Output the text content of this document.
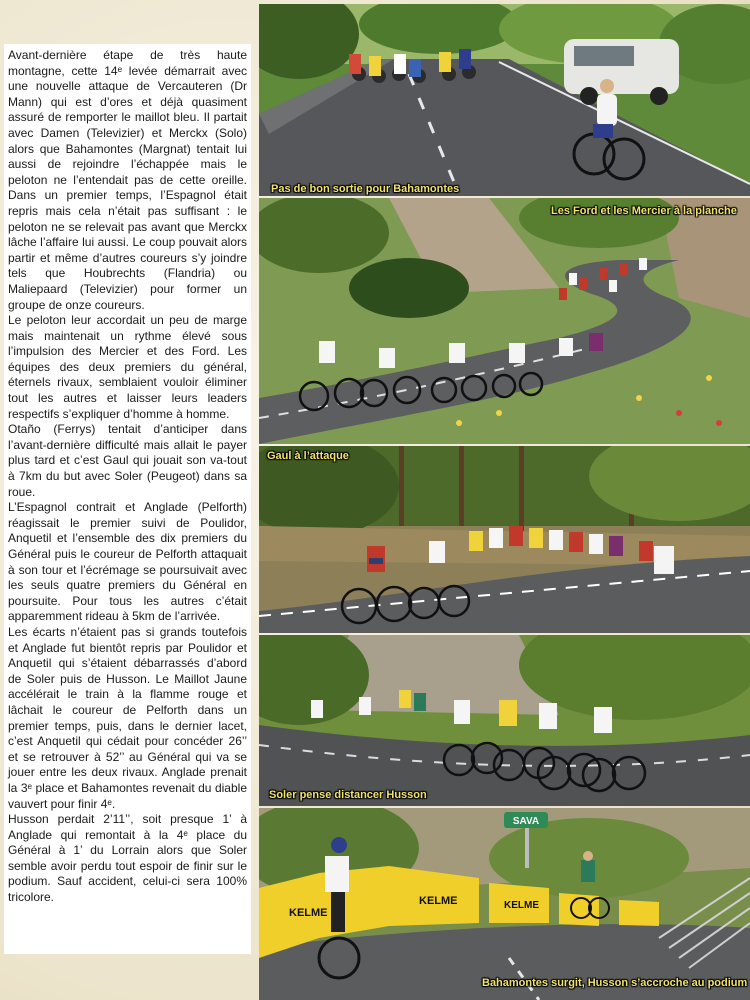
Avant-dernière étape de très haute montagne, cette 14ᵉ levée démarrait avec une nouvelle attaque de Vercauteren (Dr Mann) qui est d’ores et déjà quasiment assuré de remporter le maillot bleu. Il partait avec Damen (Televizier) et Merckx (Solo) alors que Bahamontes (Margnat) tentait lui aussi de rejoindre l’échappée mais le peloton ne l’entendait pas de cette oreille. Dans un premier temps, l’Espagnol était repris mais cela n’était pas suffisant : le peloton ne se relevait pas avant que Merckx lâche l’affaire lui aussi. Le coup pouvait alors partir et même d’autres coureurs s’y joindre tels que Houbrechts (Flandria) ou Maliepaard (Televizier) pour former un groupe de onze coureurs.

Le peloton leur accordait un peu de marge mais maintenait un rythme élevé sous l’impulsion des Mercier et des Ford. Les équipes des deux premiers du général, éternels rivaux, semblaient vouloir éliminer tout les autres et laisser leurs leaders respectifs s’expliquer d’homme à homme.

Otaño (Ferrys) tentait d’anticiper dans l’avant-dernière difficulté mais allait le payer plus tard et c’est Gaul qui jouait son va-tout à 7km du but avec Soler (Peugeot) dans sa roue.

L’Espagnol contrait et Anglade (Pelforth) réagissait le premier suivi de Poulidor, Anquetil et l’ensemble des dix premiers du Général puis le coureur de Pelforth attaquait à son tour et l’écrémage se poursuivait avec les seuls quatre premiers du Général en poursuite. Pour tous les autres c’était apparemment rideau à 5km de l’arrivée.

Les écarts n’étaient pas si grands toutefois et Anglade fut bientôt repris par Poulidor et Anquetil qui s’étaient débarrassés d’abord de Soler puis de Husson. Le Maillot Jaune accélérait le train à la flamme rouge et lâchait le coureur de Pelforth dans un premier temps, puis, dans le dernier lacet, c’est Anquetil qui cédait pour concéder 26’’ et se retrouver à 52’’ au Général qui va se jouer entre les deux rivaux. Anglade prenait la 3ᵉ place et Bahamontes revenait du diable vauvert pour finir 4ᵉ.

Husson perdait 2’11’’, soit presque 1’ à Anglade qui remontait à la 4ᵉ place du Général à 1’ du Lorrain alors que Soler semble avoir perdu tout espoir de finir sur le podium. Sauf accident, celui-ci sera 100% tricolore.

Pas de bon sortie pour Bahamontes
Les Ford et les Mercier à la planche
Gaul à l’attaque
Soler pense distancer Husson
SAVA
KELME
KELME	KELME
Bahamontes surgit, Husson s’accroche au podium
